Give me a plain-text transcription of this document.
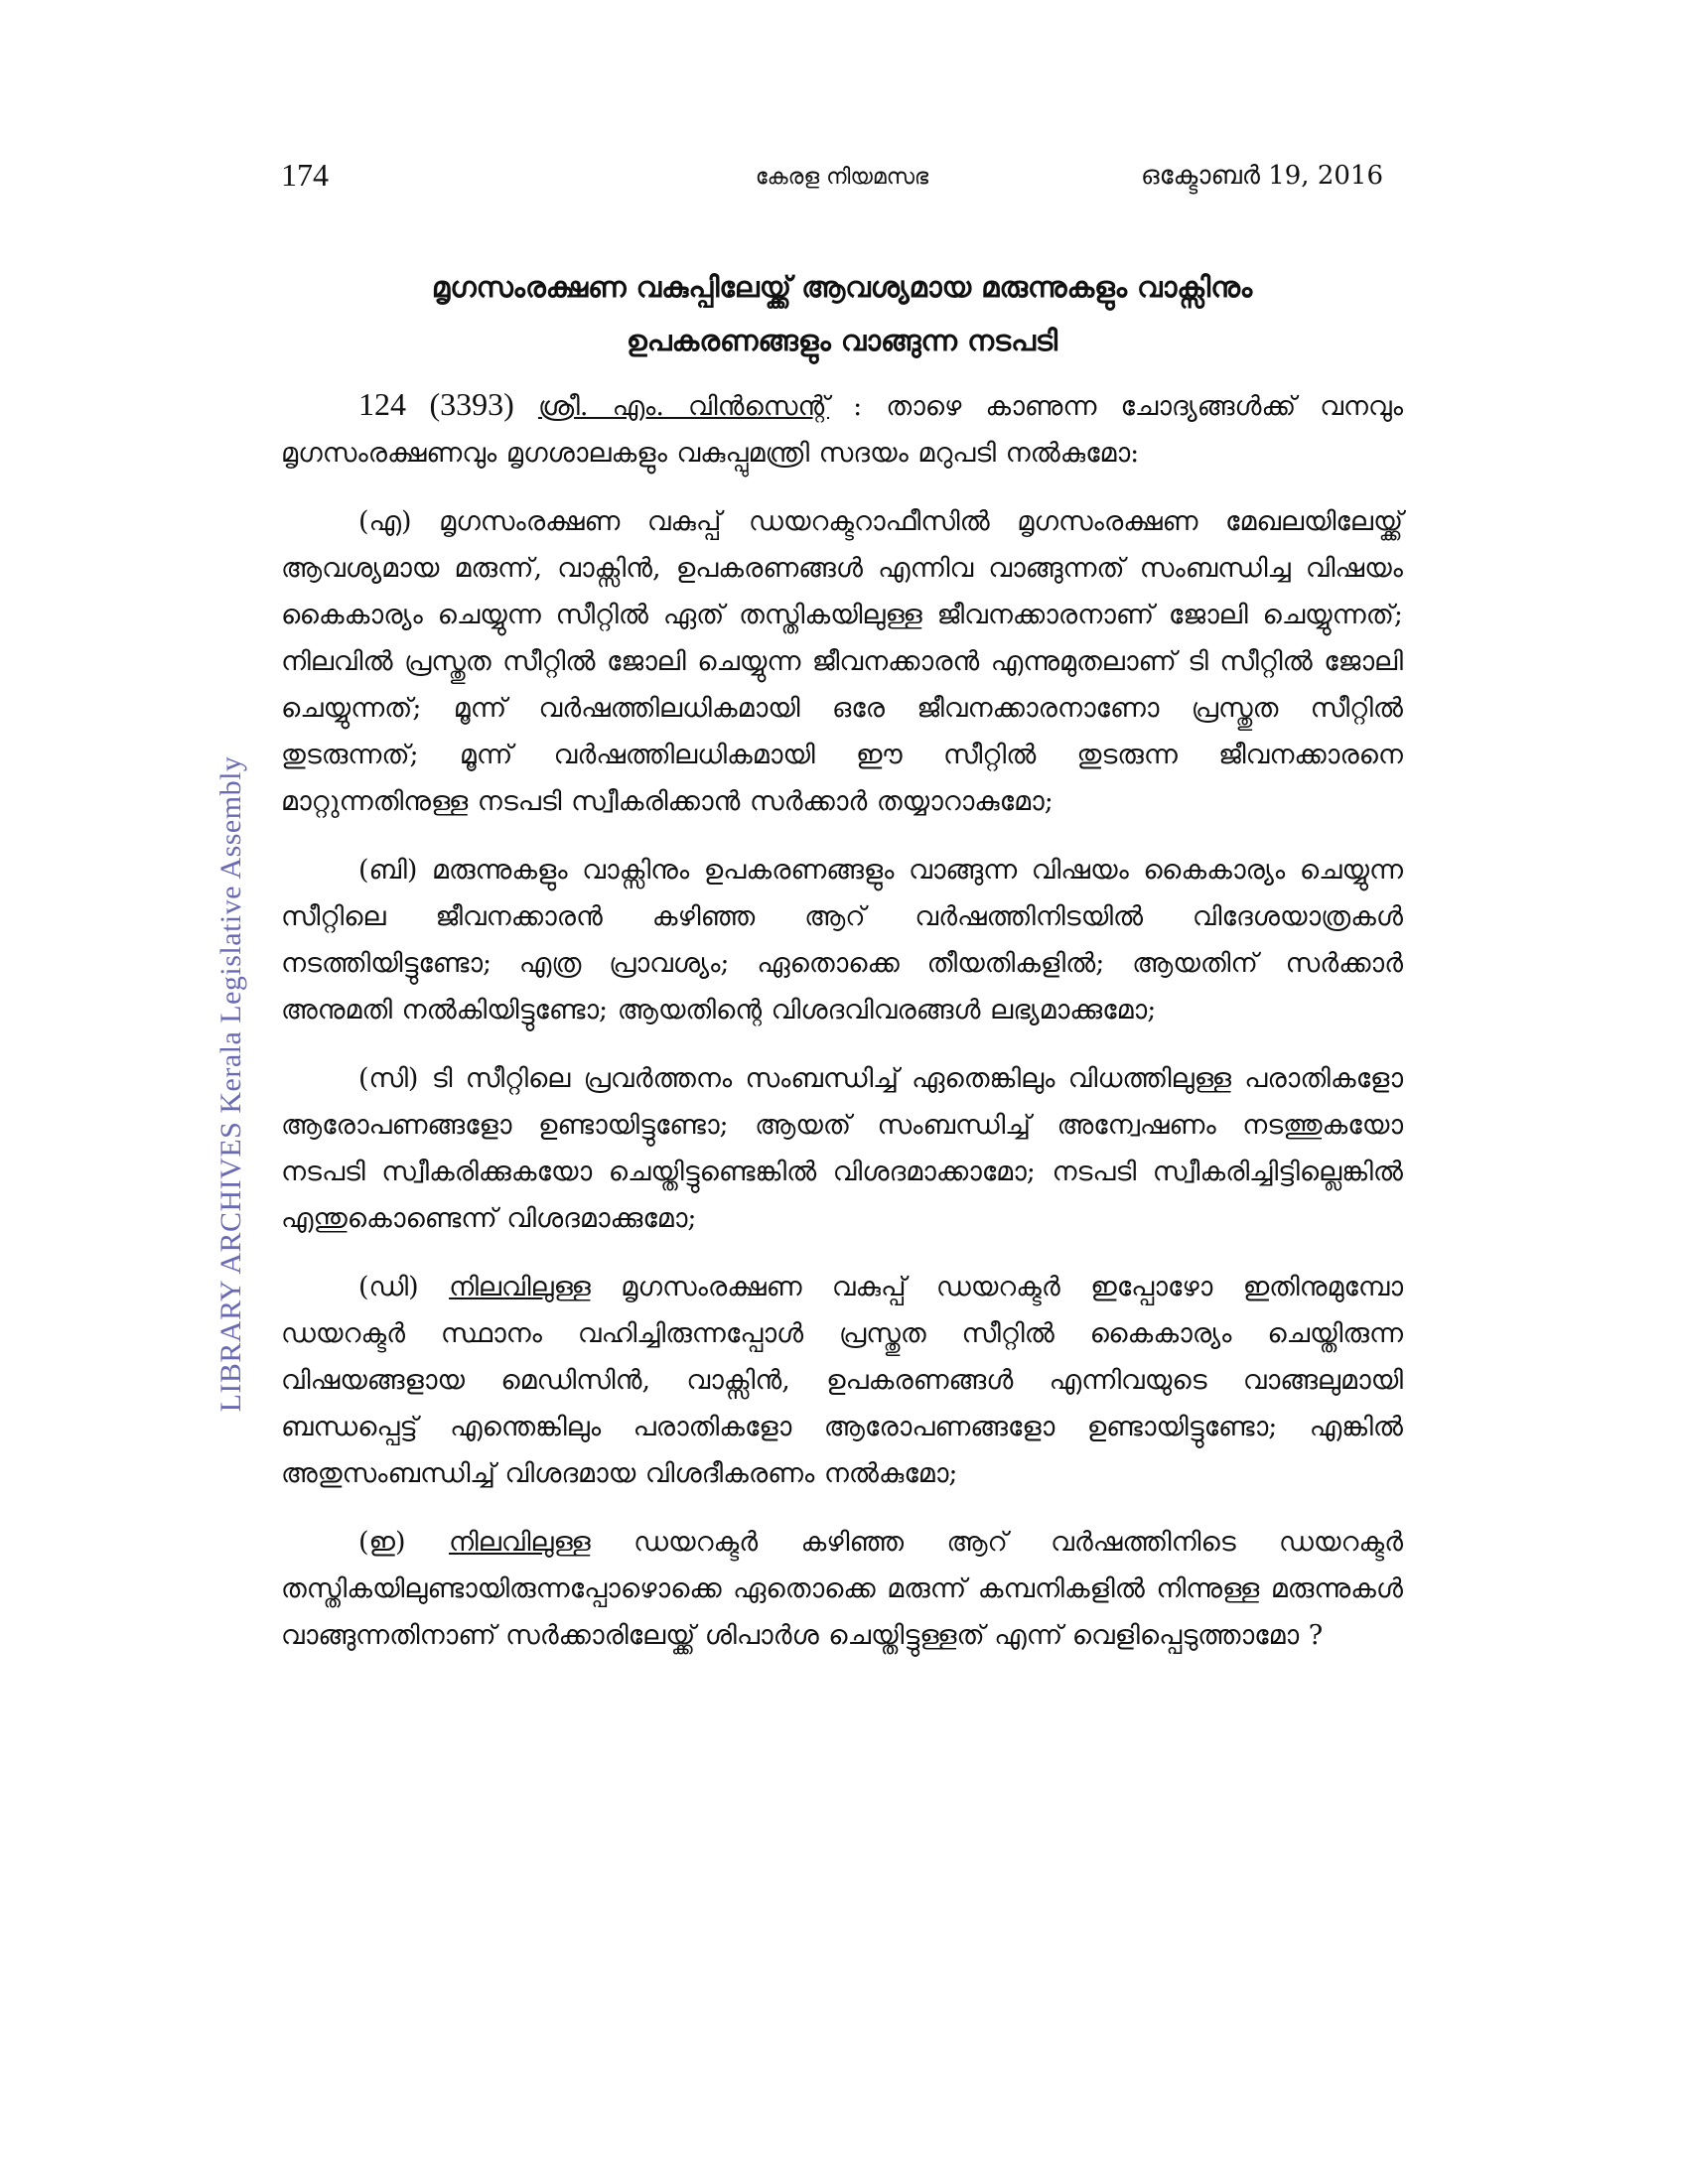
LIBRARY ARCHIVES Kerala Legislative Assembly
174	കേരള നിയമസഭ	ഒക്ടോബർ 19, 2016
മൃഗസംരക്ഷണ വകുപ്പിലേയ്ക്ക് ആവശ്യമായ മരുന്നുകളും വാക്സിനും
ഉപകരണങ്ങളും വാങ്ങുന്ന നടപടി

124 (3393) ശ്രീ. എം. വിൻസെന്റ് : താഴെ കാണുന്ന ചോദ്യങ്ങൾക്ക് വനവും മൃഗസംരക്ഷണവും മൃഗശാലകളും വകുപ്പുമന്ത്രി സദയം മറുപടി നൽകുമോ:

(എ) മൃഗസംരക്ഷണ വകുപ്പ് ഡയറക്ടറാഫീസിൽ മൃഗസംരക്ഷണ മേഖലയിലേയ്ക്ക് ആവശ്യമായ മരുന്ന്, വാക്സിൻ, ഉപകരണങ്ങൾ എന്നിവ വാങ്ങുന്നത് സംബന്ധിച്ച വിഷയം കൈകാര്യം ചെയ്യുന്ന സീറ്റിൽ ഏത് തസ്തികയിലുള്ള ജീവനക്കാരനാണ് ജോലി ചെയ്യുന്നത്; നിലവിൽ പ്രസ്തുത സീറ്റിൽ ജോലി ചെയ്യുന്ന ജീവനക്കാരൻ എന്നുമുതലാണ് ടി സീറ്റിൽ ജോലി ചെയ്യുന്നത്; മൂന്ന് വർഷത്തിലധികമായി ഒരേ ജീവനക്കാരനാണോ പ്രസ്തുത സീറ്റിൽ തുടരുന്നത്; മൂന്ന് വർഷത്തിലധികമായി ഈ സീറ്റിൽ തുടരുന്ന ജീവനക്കാരനെ മാറ്റുന്നതിനുള്ള നടപടി സ്വീകരിക്കാൻ സർക്കാർ തയ്യാറാകുമോ;

(ബി) മരുന്നുകളും വാക്സിനും ഉപകരണങ്ങളും വാങ്ങുന്ന വിഷയം കൈകാര്യം ചെയ്യുന്ന സീറ്റിലെ ജീവനക്കാരൻ കഴിഞ്ഞ ആറ് വർഷത്തിനിടയിൽ വിദേശയാത്രകൾ നടത്തിയിട്ടുണ്ടോ; എത്ര പ്രാവശ്യം; ഏതൊക്കെ തീയതികളിൽ; ആയതിന് സർക്കാർ അനുമതി നൽകിയിട്ടുണ്ടോ; ആയതിന്റെ വിശദവിവരങ്ങൾ ലഭ്യമാക്കുമോ;

(സി) ടി സീറ്റിലെ പ്രവർത്തനം സംബന്ധിച്ച് ഏതെങ്കിലും വിധത്തിലുള്ള പരാതികളോ ആരോപണങ്ങളോ ഉണ്ടായിട്ടുണ്ടോ; ആയത് സംബന്ധിച്ച് അന്വേഷണം നടത്തുകയോ നടപടി സ്വീകരിക്കുകയോ ചെയ്തിട്ടുണ്ടെങ്കിൽ വിശദമാക്കാമോ; നടപടി സ്വീകരിച്ചിട്ടില്ലെങ്കിൽ എന്തുകൊണ്ടെന്ന് വിശദമാക്കുമോ;

(ഡി) നിലവിലുള്ള മൃഗസംരക്ഷണ വകുപ്പ് ഡയറക്ടർ ഇപ്പോഴോ ഇതിനുമുമ്പോ ഡയറക്ടർ സ്ഥാനം വഹിച്ചിരുന്നപ്പോൾ പ്രസ്തുത സീറ്റിൽ കൈകാര്യം ചെയ്തിരുന്ന വിഷയങ്ങളായ മെഡിസിൻ, വാക്സിൻ, ഉപകരണങ്ങൾ എന്നിവയുടെ വാങ്ങലുമായി ബന്ധപ്പെട്ട് എന്തെങ്കിലും പരാതികളോ ആരോപണങ്ങളോ ഉണ്ടായിട്ടുണ്ടോ; എങ്കിൽ അതുസംബന്ധിച്ച് വിശദമായ വിശദീകരണം നൽകുമോ;

(ഇ) നിലവിലുള്ള ഡയറക്ടർ കഴിഞ്ഞ ആറ് വർഷത്തിനിടെ ഡയറക്ടർ തസ്തികയിലുണ്ടായിരുന്നപ്പോഴൊക്കെ ഏതൊക്കെ മരുന്ന് കമ്പനികളിൽ നിന്നുള്ള മരുന്നുകൾ വാങ്ങുന്നതിനാണ് സർക്കാരിലേയ്ക്ക് ശിപാർശ ചെയ്തിട്ടുള്ളത് എന്ന് വെളിപ്പെടുത്താമോ ?
